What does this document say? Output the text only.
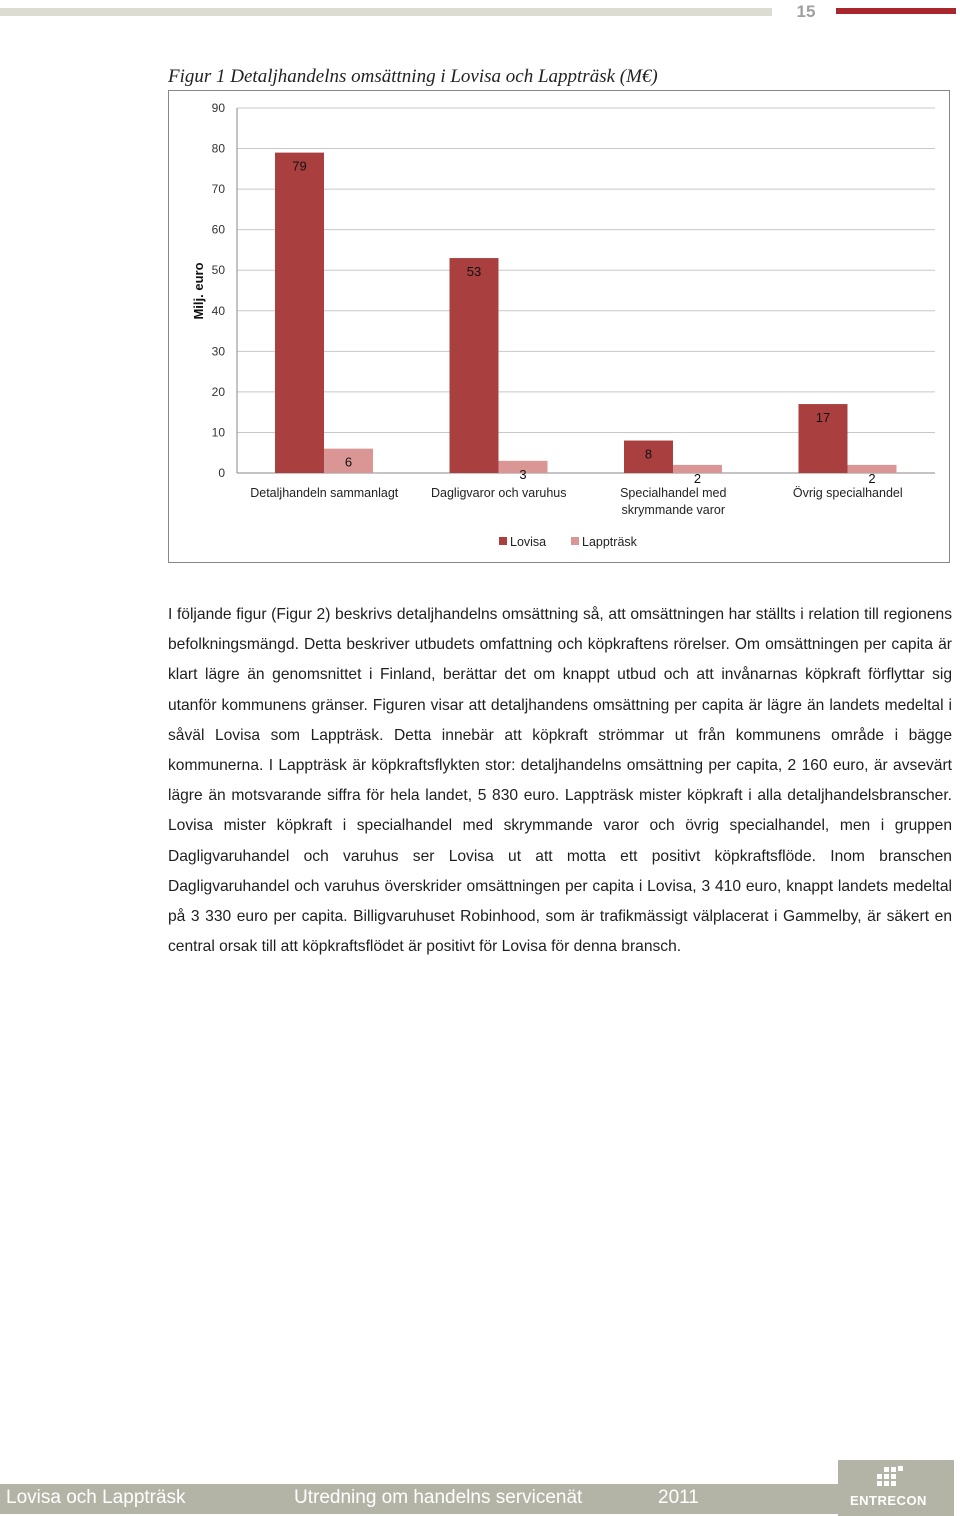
15
Figur 1 Detaljhandelns omsättning i Lovisa och Lappträsk (M€)
0
10
20
30
40
50
60
70
80
90
Milj. euro
79
6
Detaljhandeln sammanlagt
53
3
Dagligvaror och varuhus
8
2
Specialhandel med
skrymmande varor
17
2
Övrig specialhandel
Lovisa	Lappträsk
I följande figur (Figur 2) beskrivs detaljhandelns omsättning så, att omsättningen har ställts i relation till regionens befolkningsmängd. Detta beskriver utbudets omfattning och köpkraftens rörelser. Om omsättningen per capita är klart lägre än genomsnittet i Finland, berättar det om knappt utbud och att invånarnas köpkraft förflyttar sig utanför kommunens gränser. Figuren visar att detaljhandens omsättning per capita är lägre än landets medeltal i såväl Lovisa som Lappträsk. Detta innebär att köpkraft strömmar ut från kommunens område i bägge kommunerna. I Lappträsk är köpkraftsflykten stor: detaljhandelns omsättning per capita, 2 160 euro, är avsevärt lägre än motsvarande siffra för hela landet, 5 830 euro. Lappträsk mister köpkraft i alla detaljhandelsbranscher. Lovisa mister köpkraft i specialhandel med skrymmande varor och övrig specialhandel, men i gruppen Dagligvaruhandel och varuhus ser Lovisa ut att motta ett positivt köpkraftsflöde. Inom branschen Dagligvaruhandel och varuhus överskrider omsättningen per capita i Lovisa, 3 410 euro, knappt landets medeltal på 3 330 euro per capita. Billigvaruhuset Robinhood, som är trafikmässigt välplacerat i Gammelby, är säkert en central orsak till att köpkraftsflödet är positivt för Lovisa för denna bransch.
Lovisa och Lappträsk	Utredning om handelns servicenät	2011	ENTRECON
